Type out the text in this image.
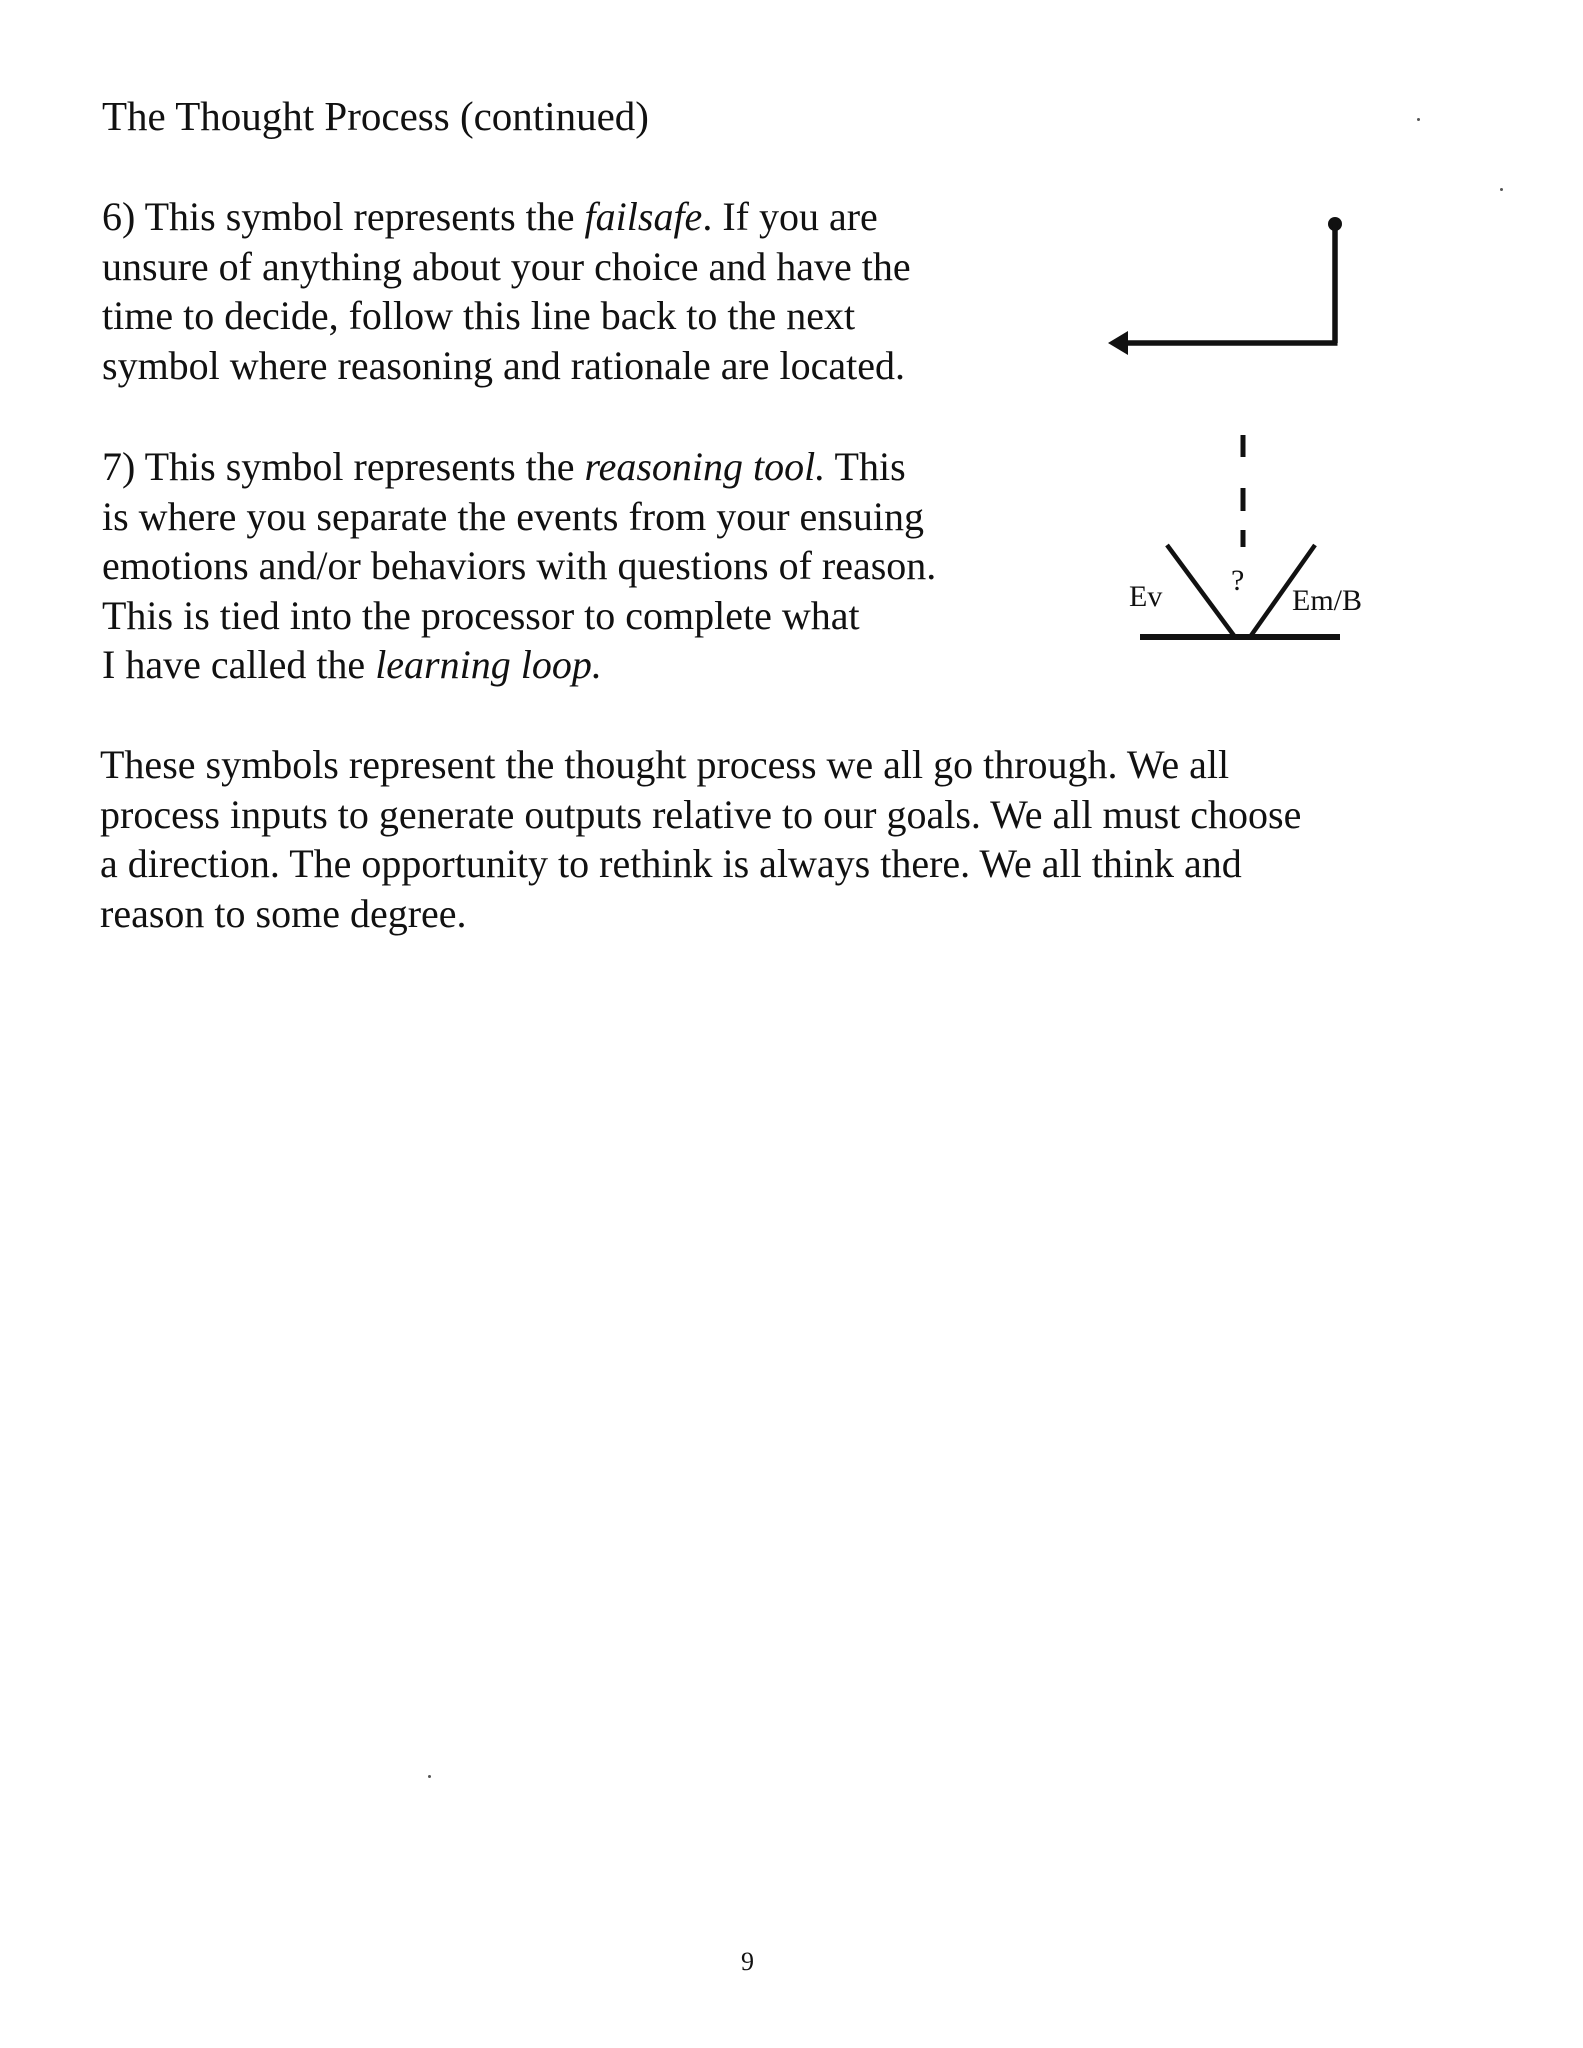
The Thought Process (continued)

6) This symbol represents the failsafe. If you are
unsure of anything about your choice and have the
time to decide, follow this line back to the next
symbol where reasoning and rationale are located.

7) This symbol represents the reasoning tool. This
is where you separate the events from your ensuing
emotions and/or behaviors with questions of reason.
This is tied into the processor to complete what
I have called the learning loop.

Ev ?
Em/B

These symbols represent the thought process we all go through. We all
process inputs to generate outputs relative to our goals. We all must choose
a direction. The opportunity to rethink is always there. We all think and
reason to some degree.

9
